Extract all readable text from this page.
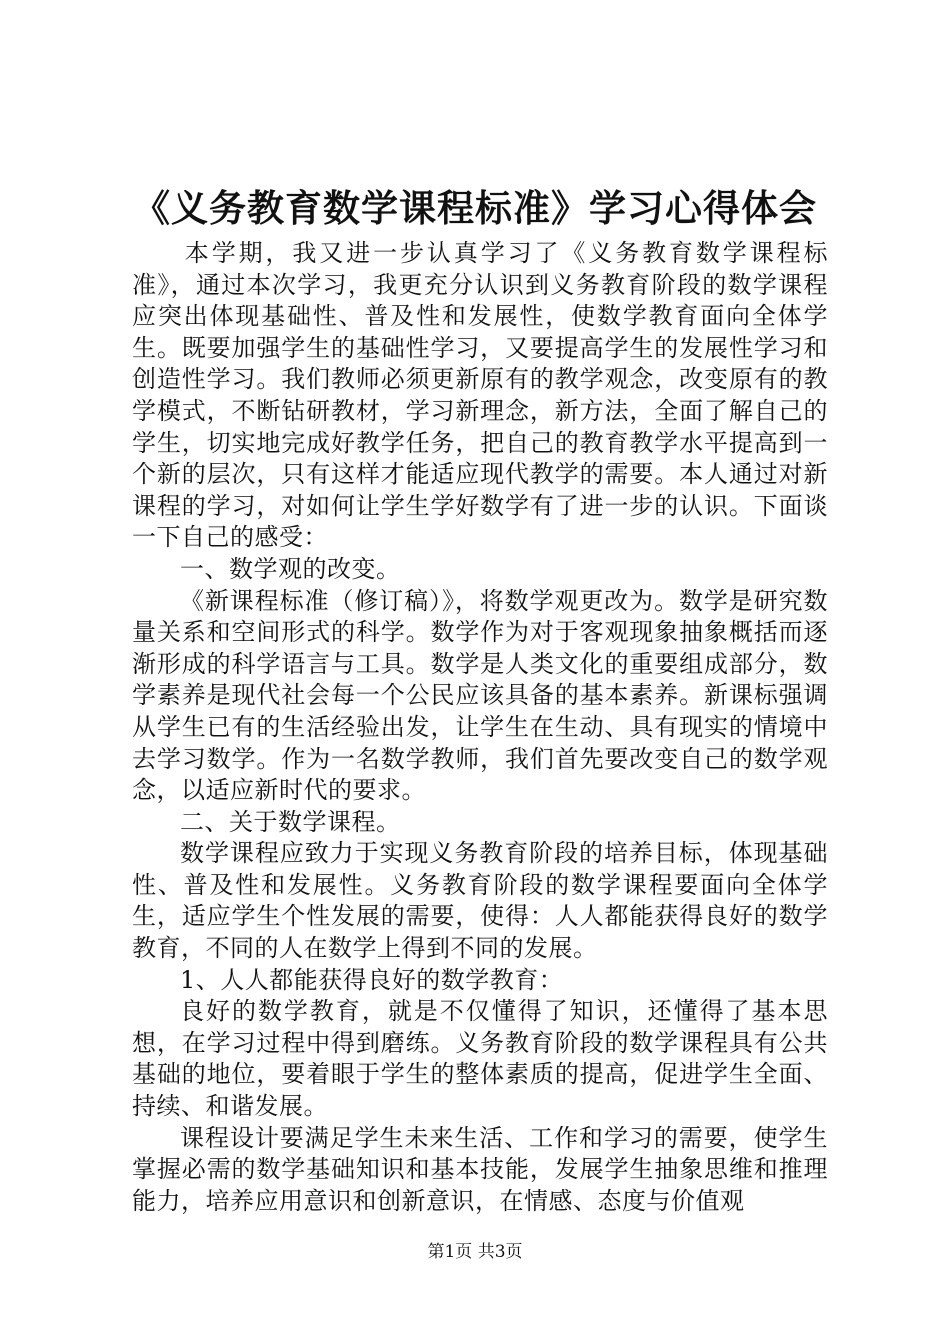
《义务教育数学课程标准》学习心得体会

本学期，我又进一步认真学习了《义务教育数学课程标准》，通过本次学习，我更充分认识到义务教育阶段的数学课程应突出体现基础性、普及性和发展性，使数学教育面向全体学生。既要加强学生的基础性学习，又要提高学生的发展性学习和创造性学习。我们教师必须更新原有的教学观念，改变原有的教学模式，不断钻研教材，学习新理念，新方法，全面了解自己的学生，切实地完成好教学任务，把自己的教育教学水平提高到一个新的层次，只有这样才能适应现代教学的需要。本人通过对新课程的学习，对如何让学生学好数学有了进一步的认识。下面谈一下自己的感受：

一、数学观的改变。

《新课程标准（修订稿）》，将数学观更改为。数学是研究数量关系和空间形式的科学。数学作为对于客观现象抽象概括而逐渐形成的科学语言与工具。数学是人类文化的重要组成部分，数学素养是现代社会每一个公民应该具备的基本素养。新课标强调从学生已有的生活经验出发，让学生在生动、具有现实的情境中去学习数学。作为一名数学教师，我们首先要改变自己的数学观念，以适应新时代的要求。

二、关于数学课程。

数学课程应致力于实现义务教育阶段的培养目标，体现基础性、普及性和发展性。义务教育阶段的数学课程要面向全体学生，适应学生个性发展的需要，使得：人人都能获得良好的数学教育，不同的人在数学上得到不同的发展。

1、人人都能获得良好的数学教育：

良好的数学教育，就是不仅懂得了知识，还懂得了基本思想，在学习过程中得到磨练。义务教育阶段的数学课程具有公共基础的地位，要着眼于学生的整体素质的提高，促进学生全面、持续、和谐发展。

课程设计要满足学生未来生活、工作和学习的需要，使学生掌握必需的数学基础知识和基本技能，发展学生抽象思维和推理能力，培养应用意识和创新意识，在情感、态度与价值观

第1页 共3页
